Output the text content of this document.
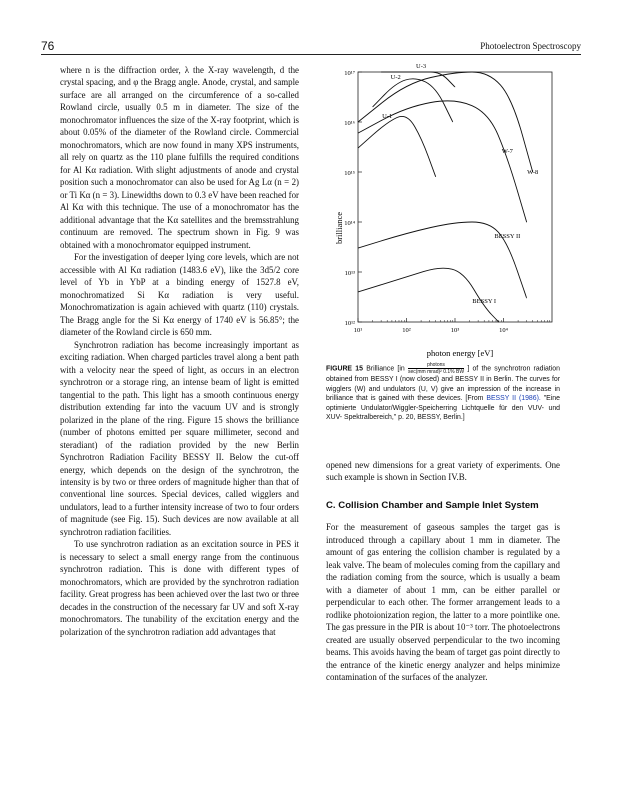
76	Photoelectron Spectroscopy

where n is the diffraction order, λ the X-ray wavelength, d the crystal spacing, and φ the Bragg angle. Anode, crystal, and sample surface are all arranged on the circumference of a so-called Rowland circle, usually 0.5 m in diameter. The size of the monochromator influences the size of the X-ray footprint, which is about 0.05% of the diameter of the Rowland circle. Commercial monochromators, which are now found in many XPS instruments, all rely on quartz as the 110 plane fulfills the required conditions for Al Kα radiation. With slight adjustments of anode and crystal position such a monochromator can also be used for Ag Lα (n = 2) or Ti Kα (n = 3). Linewidths down to 0.3 eV have been reached for Al Kα with this technique. The use of a monochromator has the additional advantage that the Kα satellites and the bremsstrahlung continuum are removed. The spectrum shown in Fig. 9 was obtained with a monochromator equipped instrument.

For the investigation of deeper lying core levels, which are not accessible with Al Kα radiation (1483.6 eV), like the 3d5/2 core level of Yb in YbP at a binding energy of 1527.8 eV, monochromatized Si Kα radiation is very useful. Monochromatization is again achieved with quartz (110) crystals. The Bragg angle for the Si Kα energy of 1740 eV is 56.85°; the diameter of the Rowland circle is 650 mm.

Synchrotron radiation has become increasingly important as exciting radiation. When charged particles travel along a bent path with a velocity near the speed of light, as occurs in an electron synchrotron or a storage ring, an intense beam of light is emitted tangential to the path. This light has a smooth continuous energy distribution extending far into the vacuum UV and is strongly polarized in the plane of the ring. Figure 15 shows the brilliance (number of photons emitted per square millimeter, second and steradiant) of the radiation provided by the new Berlin Synchrotron Radiation Facility BESSY II. Below the cut-off energy, which depends on the design of the synchrotron, the intensity is by two or three orders of magnitude higher than that of conventional line sources. Special devices, called wigglers and undulators, lead to a further intensity increase of two to four orders of magnitude (see Fig. 15). Such devices are now available at all synchrotron radiation facilities.

To use synchrotron radiation as an excitation source in PES it is necessary to select a small energy range from the continuous synchrotron radiation. This is done with different types of monochromators, which are provided by the synchrotron radiation facility. Great progress has been achieved over the last two or three decades in the construction of the necessary far UV and soft X-ray monochromators. The tunability of the excitation energy and the polarization of the synchrotron radiation add advantages that

10¹⁷
10¹⁶
10¹⁵
10¹⁴
10¹³
10¹²
10¹	10²	10³	10⁴
U-3
U-2
U-1
W-8
W-7
BESSY II
BESSY I
brilliance
photon energy [eV]
FIGURE 15 Brilliance [in
photons
sec(mm mrad)² 0.1% BW ] of the synchrotron radiation obtained from BESSY I (now closed) and BESSY II in Berlin. The curves for wigglers (W) and undulators (U, V) give an impression of the increase in brilliance that is gained with these devices. [From BESSY II (1986). "Eine optimierte Undulator/Wiggler-Speicherring Lichtquelle für den VUV- und XUV- Spektralbereich," p. 20, BESSY, Berlin.]

opened new dimensions for a great variety of experiments. One such example is shown in Section IV.B.

C. Collision Chamber and Sample Inlet System

For the measurement of gaseous samples the target gas is introduced through a capillary about 1 mm in diameter. The amount of gas entering the collision chamber is regulated by a leak valve. The beam of molecules coming from the capillary and the radiation coming from the source, which is usually a beam with a diameter of about 1 mm, can be either parallel or perpendicular to each other. The former arrangement leads to a rodlike photoionization region, the latter to a more pointlike one. The gas pressure in the PIR is about 10⁻³ torr. The photoelectrons created are usually observed perpendicular to the two incoming beams. This avoids having the beam of target gas point directly to the entrance of the kinetic energy analyzer and helps minimize contamination of the surfaces of the analyzer.
